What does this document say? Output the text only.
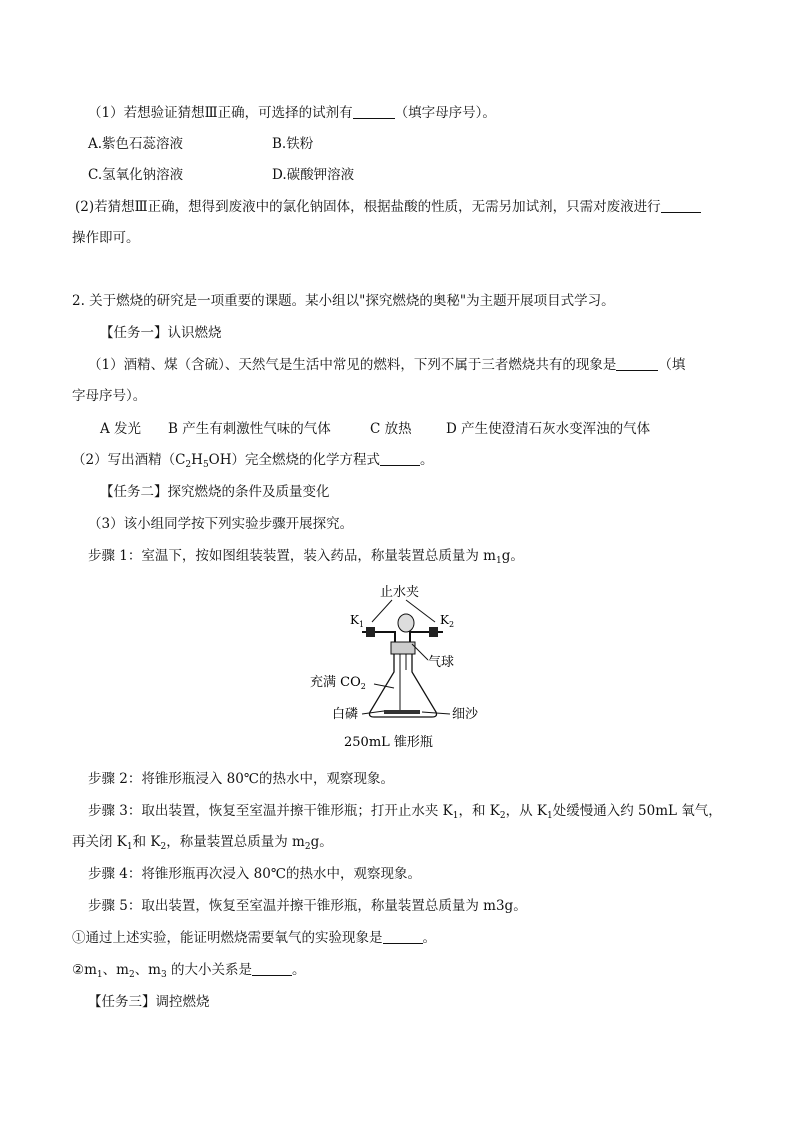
（1）若想验证猜想Ⅲ正确，可选择的试剂有	（填字母序号）。
A.紫色石蕊溶液	B.铁粉
C.氢氧化钠溶液	D.碳酸钾溶液
(2)若猜想Ⅲ正确，想得到废液中的氯化钠固体，根据盐酸的性质，无需另加试剂，只需对废液进行
操作即可。
2. 关于燃烧的研究是一项重要的课题。某小组以"探究燃烧的奥秘"为主题开展项目式学习。
【任务一】认识燃烧
（1）酒精、煤（含硫）、天然气是生活中常见的燃料，下列不属于三者燃烧共有的现象是	（填
字母序号）。
A 发光 B 产生有刺激性气味的气体	C 放热	D 产生使澄清石灰水变浑浊的气体
（2）写出酒精$(C_2H_5OH)$完全燃烧的化学方程式	。
【任务二】探究燃烧的条件及质量变化
（3）该小组同学按下列实验步骤开展探究。
步骤 1：室温下，按如图组装装置，装入药品，称量装置总质量为 $m_1g$。
止水夹
$K_1$	$K_2$
充满 $CO_2$
气球
白磷	细沙
250mL 锥形瓶
步骤 2：将锥形瓶浸入 80℃的热水中，观察现象。
步骤 3：取出装置，恢复至室温并擦干锥形瓶；打开止水夹 $K_1$，和 $K_2$，从 $K_1$处缓慢通入约 50mL 氧气，
再关闭 $K_1$和 $K_2$，称量装置总质量为 $m_2g$。
步骤 4：将锥形瓶再次浸入 80℃的热水中，观察现象。
步骤 5：取出装置，恢复至室温并擦干锥形瓶，称量装置总质量为 m3g。
①通过上述实验，能证明燃烧需要氧气的实验现象是	。
$②m_1$、$m_2$、$m_3$ 的大小关系是	。
【任务三】调控燃烧
